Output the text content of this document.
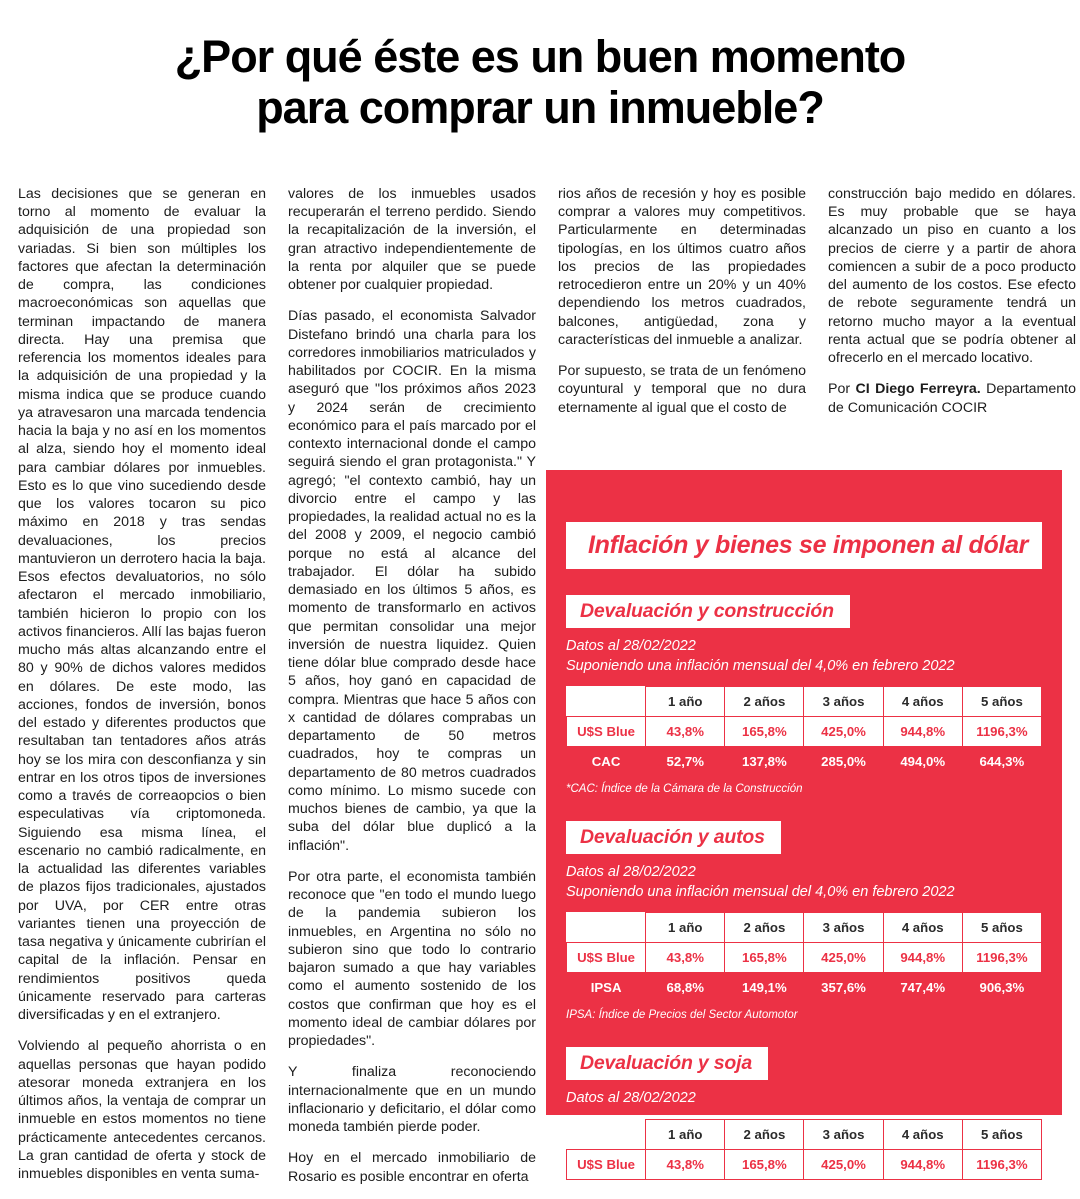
¿Por qué éste es un buen momento
para comprar un inmueble?

Las decisiones que se generan en torno al momento de evaluar la adquisición de una propiedad son variadas. Si bien son múltiples los factores que afectan la determinación de compra, las condiciones macroeconómicas son aquellas que terminan impactando de manera directa. Hay una premisa que referencia los momentos ideales para la adquisición de una propiedad y la misma indica que se produce cuando ya atravesaron una marcada tendencia hacia la baja y no así en los momentos al alza, siendo hoy el momento ideal para cambiar dólares por inmuebles. Esto es lo que vino sucediendo desde que los valores tocaron su pico máximo en 2018 y tras sendas devaluaciones, los precios mantuvieron un derrotero hacia la baja. Esos efectos devaluatorios, no sólo afectaron el mercado inmobiliario, también hicieron lo propio con los activos financieros. Allí las bajas fueron mucho más altas alcanzando entre el 80 y 90% de dichos valores medidos en dólares. De este modo, las acciones, fondos de inversión, bonos del estado y diferentes productos que resultaban tan tentadores años atrás hoy se los mira con desconfianza y sin entrar en los otros tipos de inversiones como a través de correaopcios o bien especulativas vía criptomoneda. Siguiendo esa misma línea, el escenario no cambió radicalmente, en la actualidad las diferentes variables de plazos fijos tradicionales, ajustados por UVA, por CER entre otras variantes tienen una proyección de tasa negativa y únicamente cubrirían el capital de la inflación. Pensar en rendimientos positivos queda únicamente reservado para carteras diversificadas y en el extranjero.

Volviendo al pequeño ahorrista o en aquellas personas que hayan podido atesorar moneda extranjera en los últimos años, la ventaja de comprar un inmueble en estos momentos no tiene prácticamente antecedentes cercanos. La gran cantidad de oferta y stock de inmuebles disponibles en venta suma-

valores de los inmuebles usados recuperarán el terreno perdido. Siendo la recapitalización de la inversión, el gran atractivo independientemente de la renta por alquiler que se puede obtener por cualquier propiedad.

Días pasado, el economista Salvador Distefano brindó una charla para los corredores inmobiliarios matriculados y habilitados por COCIR. En la misma aseguró que "los próximos años 2023 y 2024 serán de crecimiento económico para el país marcado por el contexto internacional donde el campo seguirá siendo el gran protagonista." Y agregó; "el contexto cambió, hay un divorcio entre el campo y las propiedades, la realidad actual no es la del 2008 y 2009, el negocio cambió porque no está al alcance del trabajador. El dólar ha subido demasiado en los últimos 5 años, es momento de transformarlo en activos que permitan consolidar una mejor inversión de nuestra liquidez. Quien tiene dólar blue comprado desde hace 5 años, hoy ganó en capacidad de compra. Mientras que hace 5 años con x cantidad de dólares comprabas un departamento de 50 metros cuadrados, hoy te compras un departamento de 80 metros cuadrados como mínimo. Lo mismo sucede con muchos bienes de cambio, ya que la suba del dólar blue duplicó a la inflación".

Por otra parte, el economista también reconoce que "en todo el mundo luego de la pandemia subieron los inmuebles, en Argentina no sólo no subieron sino que todo lo contrario bajaron sumado a que hay variables como el aumento sostenido de los costos que confirman que hoy es el momento ideal de cambiar dólares por propiedades".

Y finaliza reconociendo internacionalmente que en un mundo inflacionario y deficitario, el dólar como moneda también pierde poder.

Hoy en el mercado inmobiliario de Rosario es posible encontrar en oferta

rios años de recesión y hoy es posible comprar a valores muy competitivos. Particularmente en determinadas tipologías, en los últimos cuatro años los precios de las propiedades retrocedieron entre un 20% y un 40% dependiendo los metros cuadrados, balcones, antigüedad, zona y características del inmueble a analizar.

Por supuesto, se trata de un fenómeno coyuntural y temporal que no dura eternamente al igual que el costo de

construcción bajo medido en dólares. Es muy probable que se haya alcanzado un piso en cuanto a los precios de cierre y a partir de ahora comiencen a subir de a poco producto del aumento de los costos. Ese efecto de rebote seguramente tendrá un retorno mucho mayor a la eventual renta actual que se podría obtener al ofrecerlo en el mercado locativo.

Por CI Diego Ferreyra. Departamento de Comunicación COCIR

Inflación y bienes se imponen al dólar
Devaluación y construcción
Datos al 28/02/2022
Suponiendo una inflación mensual del 4,0% en febrero 2022
	1 año	2 años	3 años	4 años	5 años
U$S Blue	43,8%	165,8%	425,0%	944,8%	1196,3%
CAC	52,7%	137,8%	285,0%	494,0%	644,3%
*CAC: Índice de la Cámara de la Construcción
Devaluación y autos
Datos al 28/02/2022
Suponiendo una inflación mensual del 4,0% en febrero 2022
	1 año	2 años	3 años	4 años	5 años
U$S Blue	43,8%	165,8%	425,0%	944,8%	1196,3%
IPSA	68,8%	149,1%	357,6%	747,4%	906,3%
IPSA: Índice de Precios del Sector Automotor
Devaluación y soja
Datos al 28/02/2022
	1 año	2 años	3 años	4 años	5 años
U$S Blue	43,8%	165,8%	425,0%	944,8%	1196,3%
